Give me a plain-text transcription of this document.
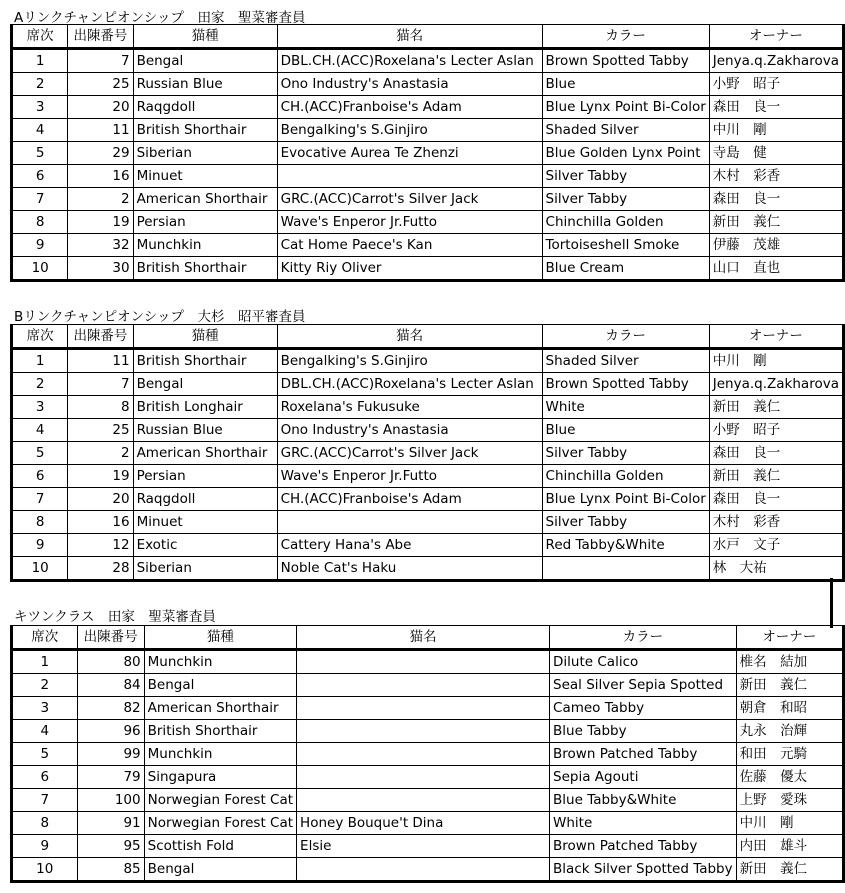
Aリンクチャンピオンシップ　田家　聖菜審査員
席次	出陳番号	猫種	猫名	カラー	オーナー
1	7	Bengal	DBL.CH.(ACC)Roxelana's Lecter Aslan	Brown Spotted Tabby	Jenya.q.Zakharova
2	25	Russian Blue	Ono Industry's Anastasia	Blue	小野　昭子
3	20	Raqgdoll	CH.(ACC)Franboise's Adam	Blue Lynx Point Bi-Color	森田　良一
4	11	British Shorthair	Bengalking's S.Ginjiro	Shaded Silver	中川　剛
5	29	Siberian	Evocative Aurea Te Zhenzi	Blue Golden Lynx Point	寺島　健
6	16	Minuet		Silver Tabby	木村　彩香
7	2	American Shorthair	GRC.(ACC)Carrot's Silver Jack	Silver Tabby	森田　良一
8	19	Persian	Wave's Enperor Jr.Futto	Chinchilla Golden	新田　義仁
9	32	Munchkin	Cat Home Paece's Kan	Tortoiseshell Smoke	伊藤　茂雄
10	30	British Shorthair	Kitty Riy Oliver	Blue Cream	山口　直也
Bリンクチャンピオンシップ　大杉　昭平審査員
席次	出陳番号	猫種	猫名	カラー	オーナー
1	11	British Shorthair	Bengalking's S.Ginjiro	Shaded Silver	中川　剛
2	7	Bengal	DBL.CH.(ACC)Roxelana's Lecter Aslan	Brown Spotted Tabby	Jenya.q.Zakharova
3	8	British Longhair	Roxelana's Fukusuke	White	新田　義仁
4	25	Russian Blue	Ono Industry's Anastasia	Blue	小野　昭子
5	2	American Shorthair	GRC.(ACC)Carrot's Silver Jack	Silver Tabby	森田　良一
6	19	Persian	Wave's Enperor Jr.Futto	Chinchilla Golden	新田　義仁
7	20	Raqgdoll	CH.(ACC)Franboise's Adam	Blue Lynx Point Bi-Color	森田　良一
8	16	Minuet		Silver Tabby	木村　彩香
9	12	Exotic	Cattery Hana's Abe	Red Tabby&White	水戸　文子
10	28	Siberian	Noble Cat's Haku		林　大祐
キツンクラス　田家　聖菜審査員
席次	出陳番号	猫種	猫名	カラー	オーナー
1	80	Munchkin		Dilute Calico	椎名　結加
2	84	Bengal		Seal Silver Sepia Spotted	新田　義仁
3	82	American Shorthair		Cameo Tabby	朝倉　和昭
4	96	British Shorthair		Blue Tabby	丸永　治輝
5	99	Munchkin		Brown Patched Tabby	和田　元騎
6	79	Singapura		Sepia Agouti	佐藤　優太
7	100	Norwegian Forest Cat		Blue Tabby&White	上野　愛珠
8	91	Norwegian Forest Cat	Honey Bouque't Dina	White	中川　剛
9	95	Scottish Fold	Elsie	Brown Patched Tabby	内田　雄斗
10	85	Bengal		Black Silver Spotted Tabby	新田　義仁
